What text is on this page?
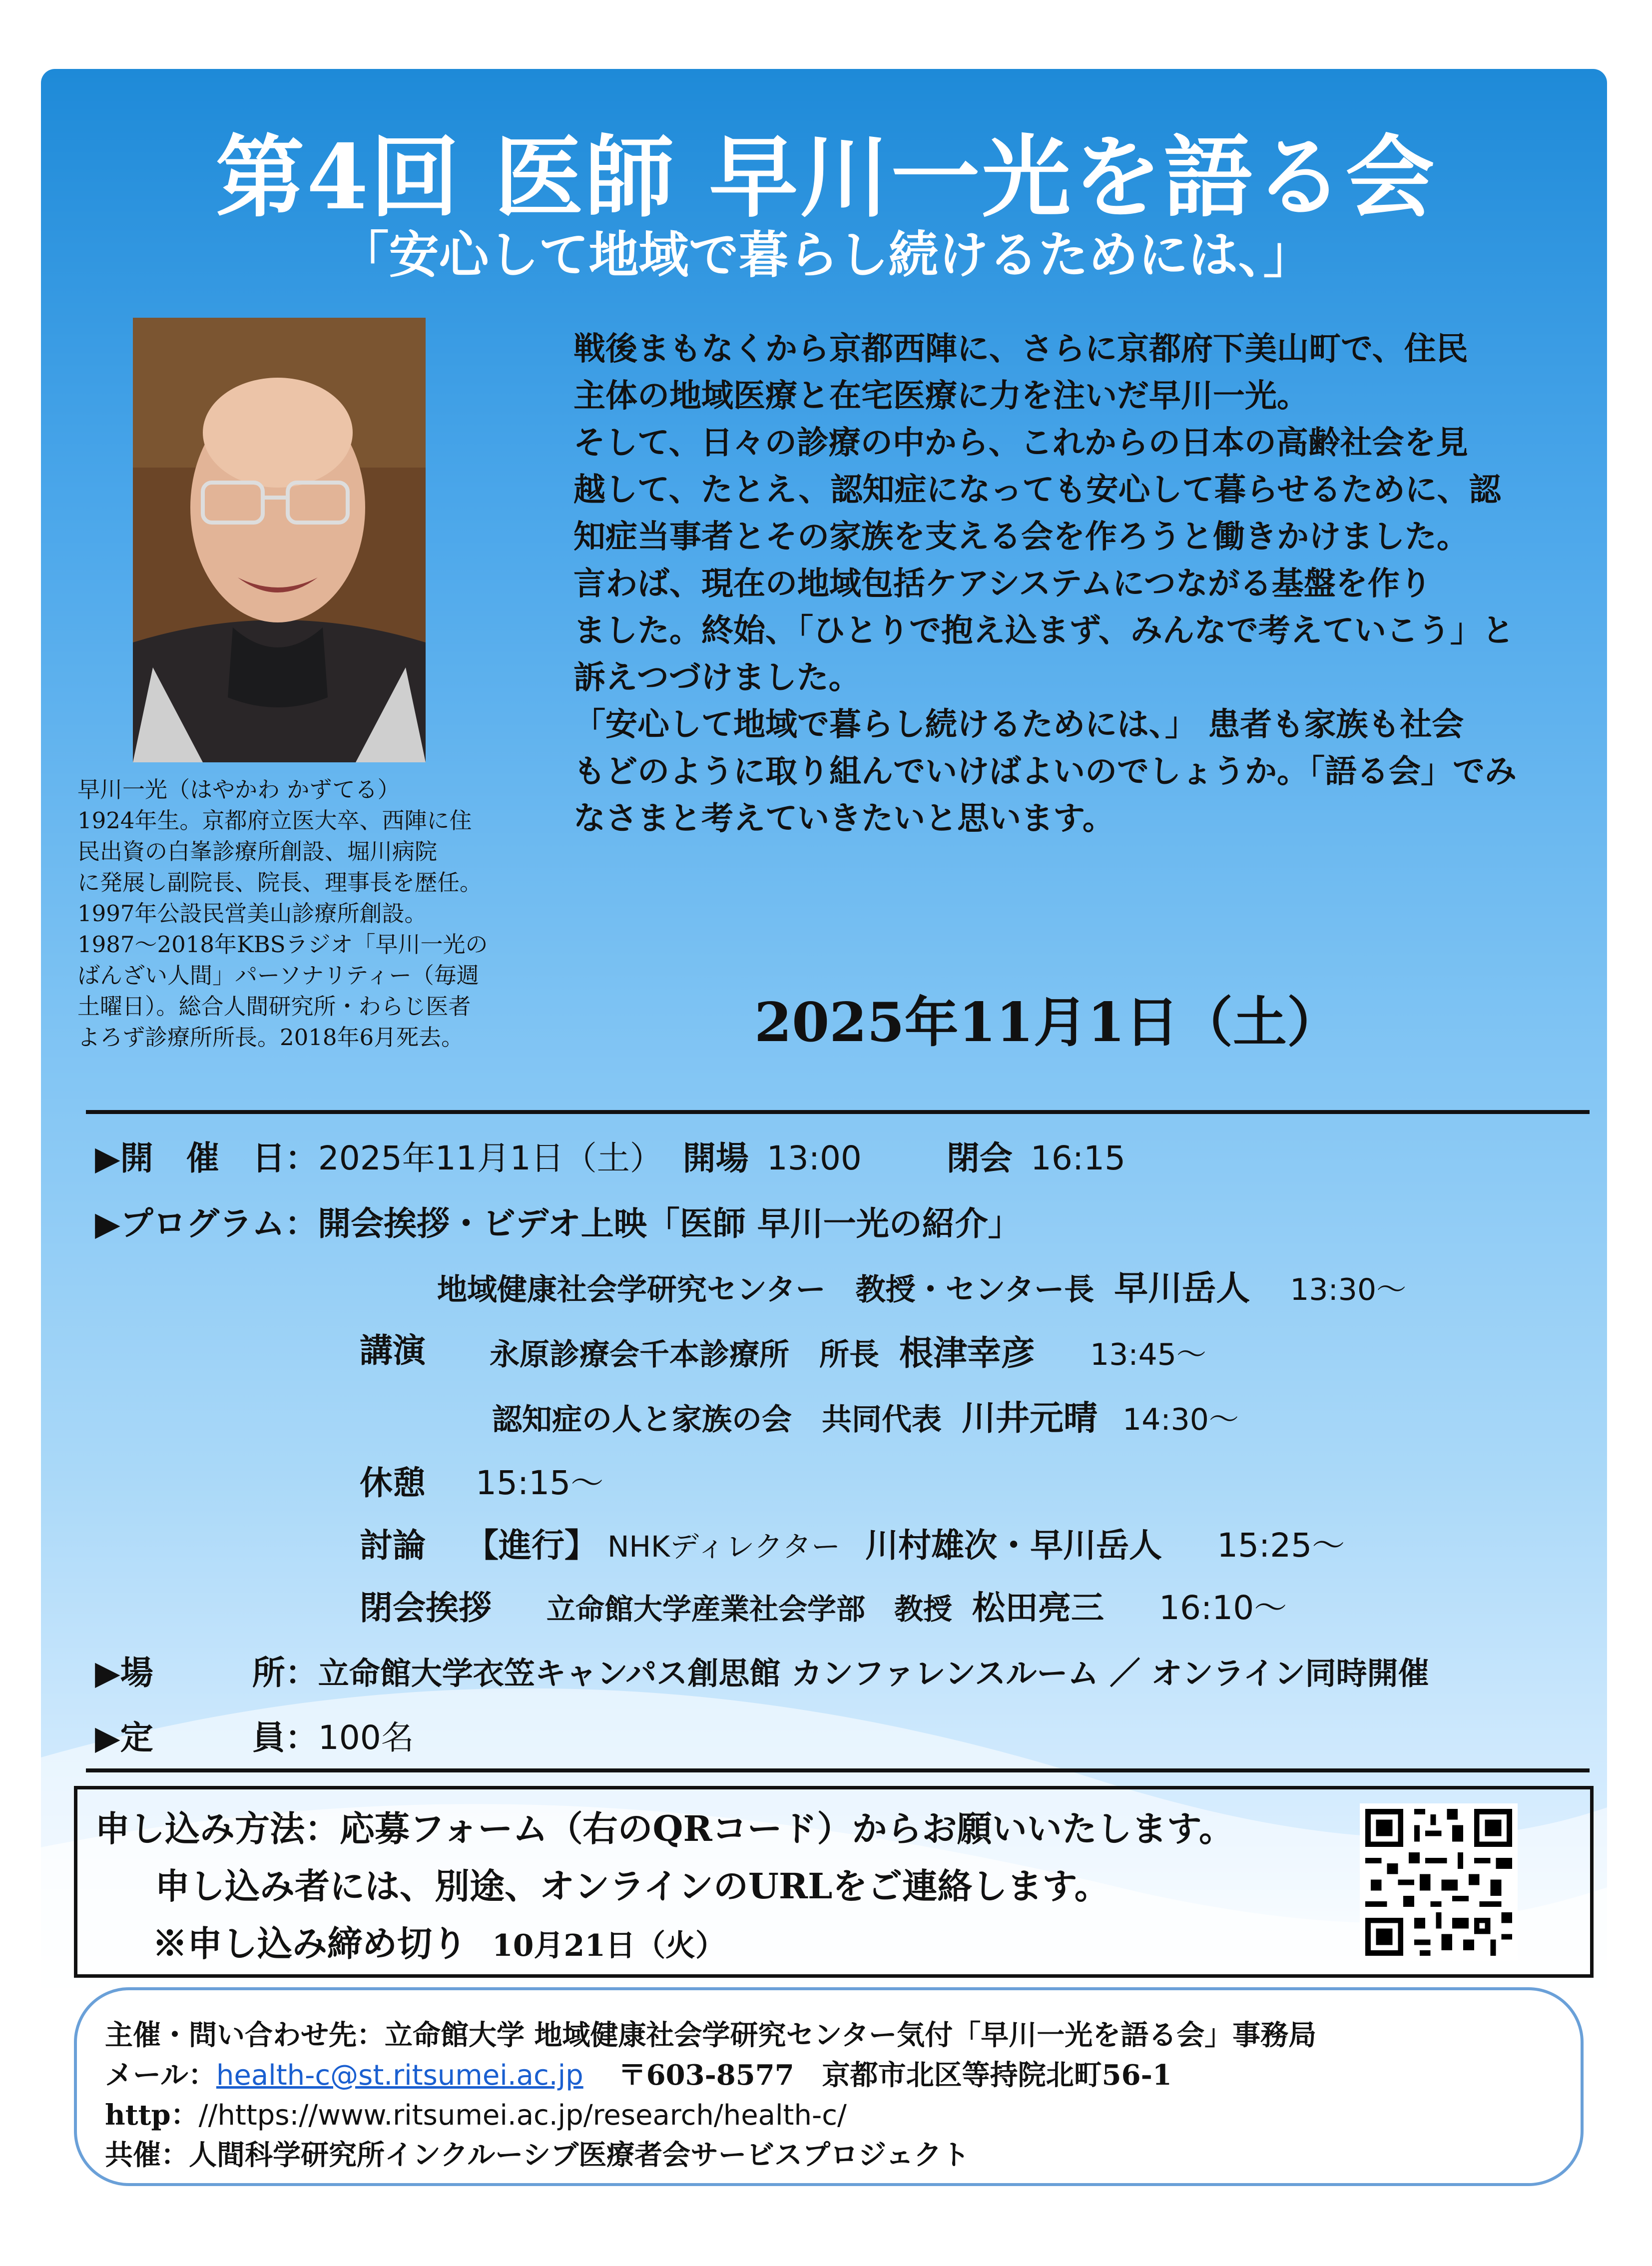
第4回 医師 早川一光を語る会
「安心して地域で暮らし続けるためには、」
早川一光（はやかわ かずてる）
1924年生。京都府立医大卒、西陣に住
民出資の白峯診療所創設、堀川病院
に発展し副院長、院長、理事長を歴任。
1997年公設民営美山診療所創設。
1987～2018年KBSラジオ「早川一光の
ばんざい人間」パーソナリティー（毎週
土曜日）。総合人間研究所・わらじ医者
よろず診療所所長。2018年6月死去。
戦後まもなくから京都西陣に、さらに京都府下美山町で、住民
主体の地域医療と在宅医療に力を注いだ早川一光。
そして、日々の診療の中から、これからの日本の高齢社会を見
越して、たとえ、認知症になっても安心して暮らせるために、認
知症当事者とその家族を支える会を作ろうと働きかけました。
言わば、現在の地域包括ケアシステムにつながる基盤を作り
ました。終始、「ひとりで抱え込まず、みんなで考えていこう」と
訴えつづけました。
「安心して地域で暮らし続けるためには、」 患者も家族も社会
もどのように取り組んでいけばよいのでしょうか。「語る会」でみ
なさまと考えていきたいと思います。
2025年11月1日（土）
▶開　催　日：2025年11月1日（土） 開場 13:00	閉会 16:15
▶プログラム：開会挨拶・ビデオ上映「医師 早川一光の紹介」
地域健康社会学研究センター　教授・センター長 早川岳人 13:30～
講演 永原診療会千本診療所　所長 根津幸彦 13:45～
認知症の人と家族の会　共同代表 川井元晴 14:30～
休憩 15:15～
討論 【進行】 NHKディレクター 川村雄次・早川岳人 15:25～
閉会挨拶 立命館大学産業社会学部　教授 松田亮三 16:10～
▶場　　　所：立命館大学衣笠キャンパス創思館 カンファレンスルーム ／ オンライン同時開催
▶定　　　員：100名
申し込み方法：応募フォーム（右のQRコード）からお願いいたします。
申し込み者には、別途、オンラインのURLをご連絡します。
※申し込み締め切り 10月21日（火）
主催・問い合わせ先：立命館大学 地域健康社会学研究センター気付「早川一光を語る会」事務局
メール：health-c@st.ritsumei.ac.jp 〒603-8577　京都市北区等持院北町56-1
http：//https://www.ritsumei.ac.jp/research/health-c/
共催：人間科学研究所インクルーシブ医療者会サービスプロジェクト
